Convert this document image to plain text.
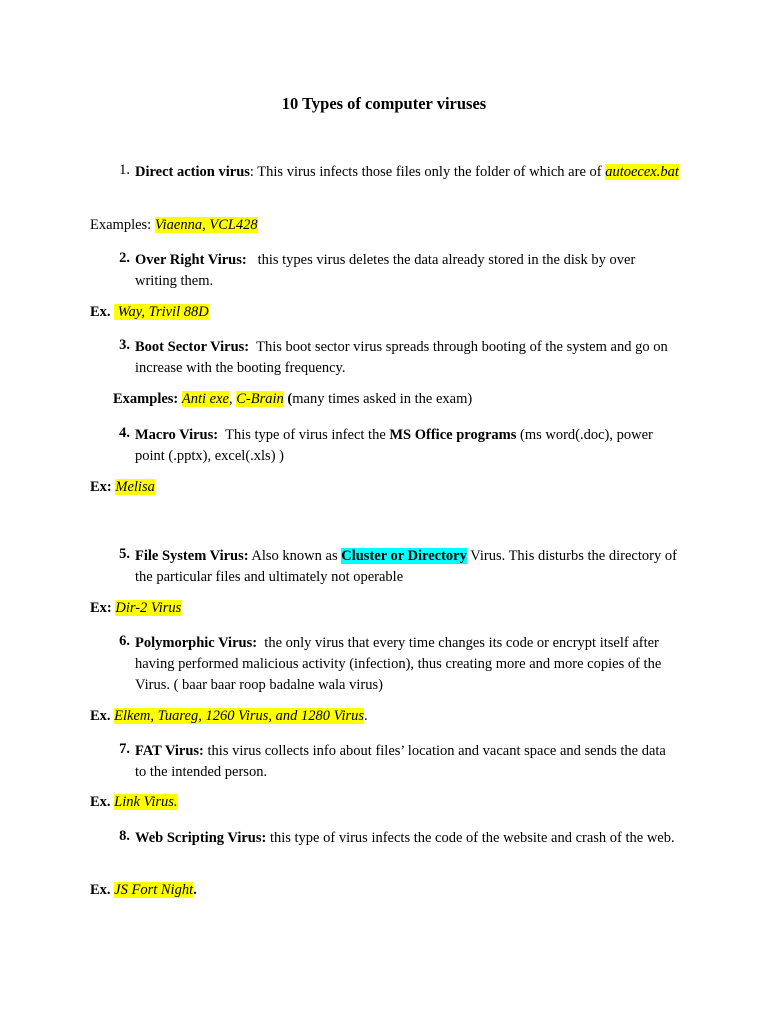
10 Types of computer viruses
1. Direct action virus: This virus infects those files only the folder of which are of autoecex.bat
Examples: Viaenna, VCL428
2. Over Right Virus:   this types virus deletes the data already stored in the disk by over writing them.
Ex.  Way, Trivil 88D
3. Boot Sector Virus:  This boot sector virus spreads through booting of the system and go on increase with the booting frequency.
Examples: Anti exe, C-Brain (many times asked in the exam)
4. Macro Virus:  This type of virus infect the MS Office programs (ms word(.doc), power point (.pptx), excel(.xls) )
Ex: Melisa
5. File System Virus: Also known as Cluster or Directory Virus. This disturbs the directory of the particular files and ultimately not operable
Ex: Dir-2 Virus
6. Polymorphic Virus:  the only virus that every time changes its code or encrypt itself after having performed malicious activity (infection), thus creating more and more copies of the Virus. ( baar baar roop badalne wala virus)
Ex. Elkem, Tuareg, 1260 Virus, and 1280 Virus.
7. FAT Virus: this virus collects info about files’ location and vacant space and sends the data to the intended person.
Ex. Link Virus.
8. Web Scripting Virus: this type of virus infects the code of the website and crash of the web.
Ex. JS Fort Night.
